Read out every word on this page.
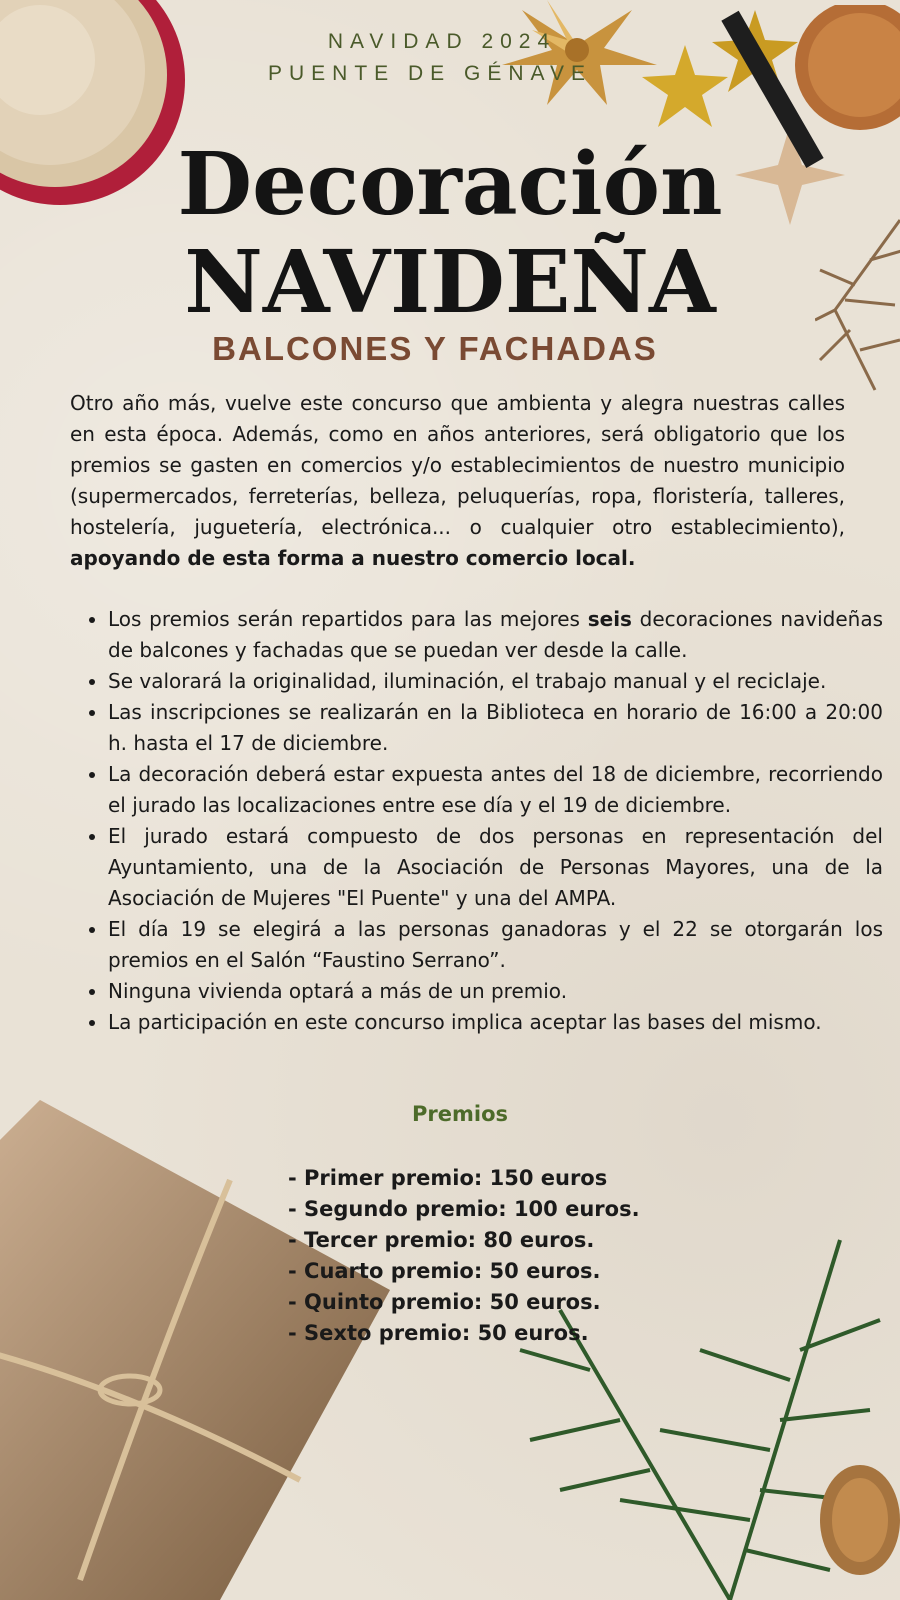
NAVIDAD 2024
PUENTE DE GÉNAVE
Decoración
NAVIDEÑA
BALCONES Y FACHADAS

Otro año más, vuelve este concurso que ambienta y alegra nuestras calles en esta época. Además, como en años anteriores, será obligatorio que los premios se gasten en comercios y/o establecimientos de nuestro municipio (supermercados, ferreterías, belleza, peluquerías, ropa, floristería, talleres, hostelería, juguetería, electrónica... o cualquier otro establecimiento), apoyando de esta forma a nuestro comercio local.

• Los premios serán repartidos para las mejores seis decoraciones navideñas de balcones y fachadas que se puedan ver desde la calle.
• Se valorará la originalidad, iluminación, el trabajo manual y el reciclaje.
• Las inscripciones se realizarán en la Biblioteca en horario de 16:00 a 20:00 h. hasta el 17 de diciembre.
• La decoración deberá estar expuesta antes del 18 de diciembre, recorriendo el jurado las localizaciones entre ese día y el 19 de diciembre.
• El jurado estará compuesto de dos personas en representación del Ayuntamiento, una de la Asociación de Personas Mayores, una de la Asociación de Mujeres "El Puente" y una del AMPA.
• El día 19 se elegirá a las personas ganadoras y el 22 se otorgarán los premios en el Salón “Faustino Serrano”.
• Ninguna vivienda optará a más de un premio.
• La participación en este concurso implica aceptar las bases del mismo.
Premios
- Primer premio: 150 euros
- Segundo premio: 100 euros.
- Tercer premio: 80 euros.
- Cuarto premio: 50 euros.
- Quinto premio: 50 euros.
- Sexto premio: 50 euros.
